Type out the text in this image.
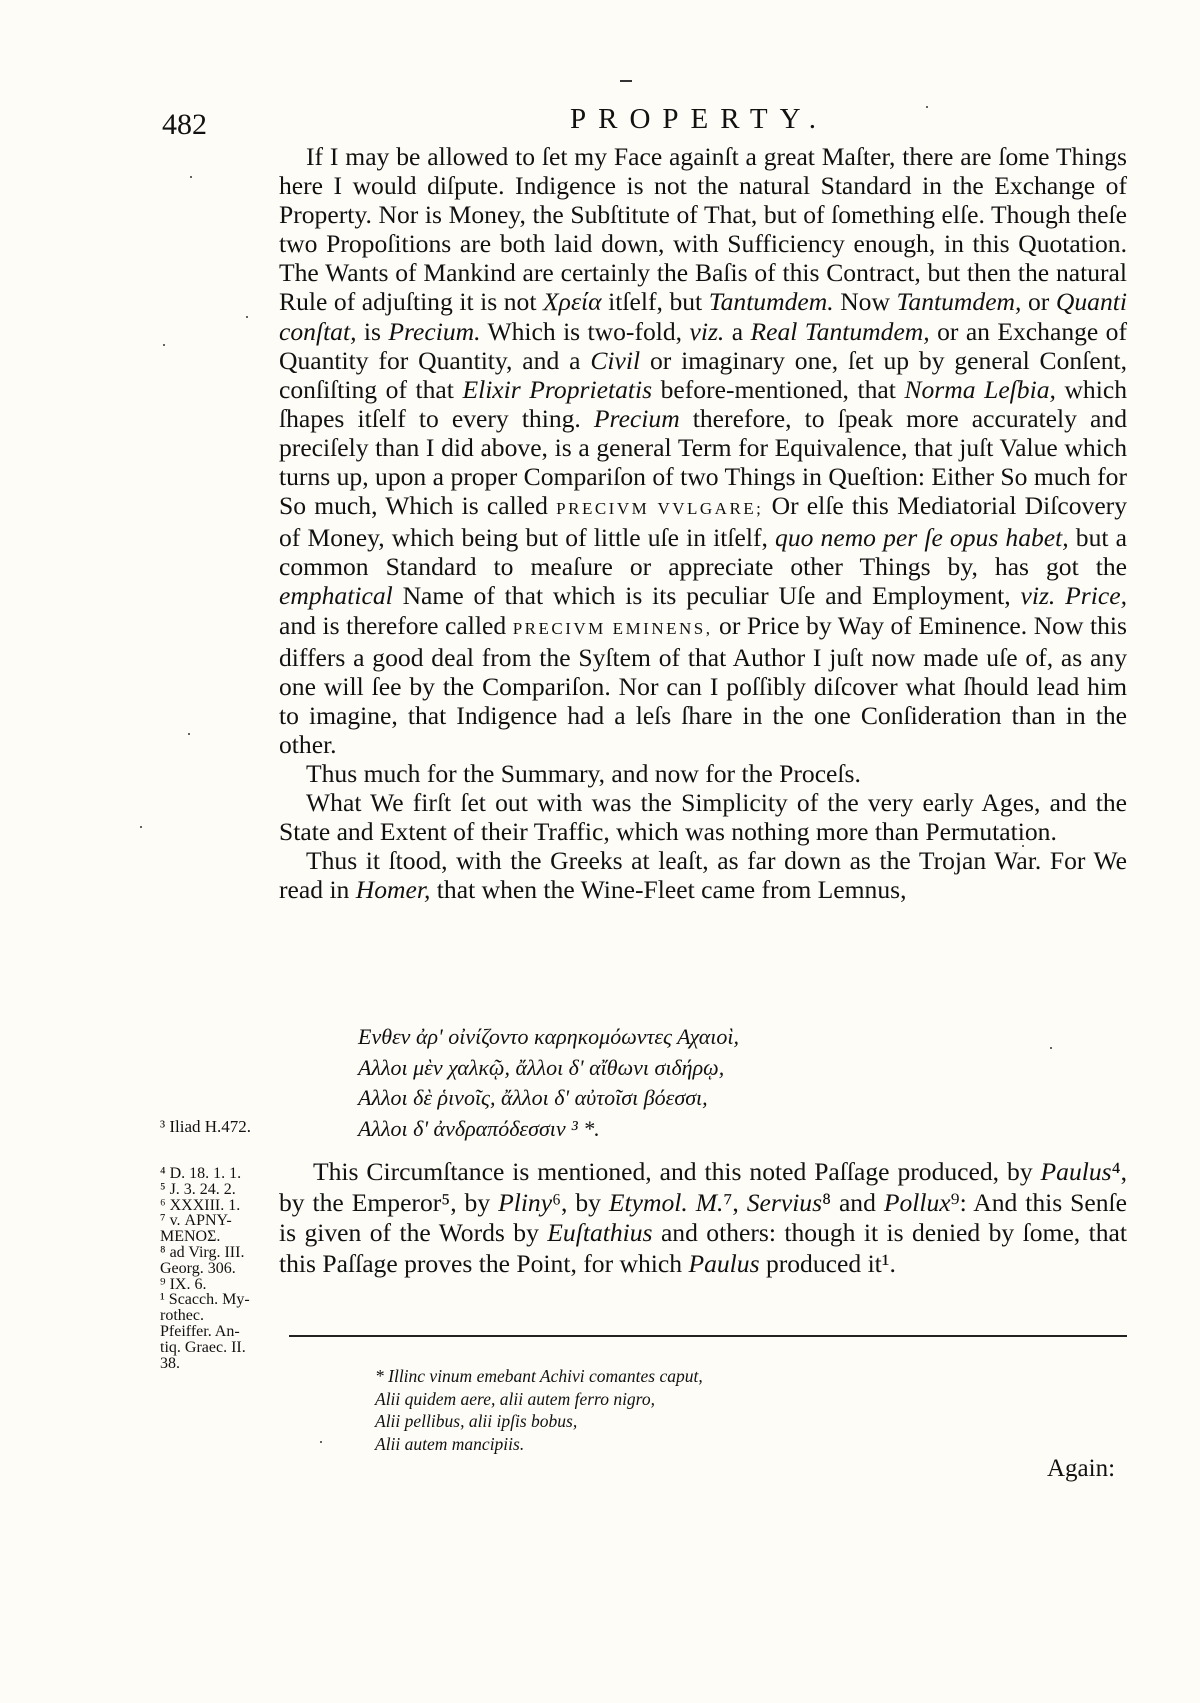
482	PROPERTY.

If I may be allowed to ſet my Face againſt a great Maſter, there are ſome Things here I would diſpute. Indigence is not the natural Standard in the Exchange of Property. Nor is Money, the Subſtitute of That, but of ſomething elſe. Though theſe two Propoſitions are both laid down, with Sufficiency enough, in this Quotation. The Wants of Mankind are certainly the Baſis of this Contract, but then the natural Rule of adjuſting it is not Χρεία itſelf, but Tantumdem. Now Tantumdem, or Quanti conſtat, is Precium. Which is two-fold, viz. a Real Tantumdem, or an Exchange of Quantity for Quantity, and a Civil or imaginary one, ſet up by general Conſent, conſiſting of that Elixir Proprietatis before-mentioned, that Norma Leſbia, which ſhapes itſelf to every thing. Precium therefore, to ſpeak more accurately and preciſely than I did above, is a general Term for Equivalence, that juſt Value which turns up, upon a proper Compariſon of two Things in Queſtion: Either So much for So much, Which is called PRECIVM VVLGARE; Or elſe this Mediatorial Diſcovery of Money, which being but of little uſe in itſelf, quo nemo per ſe opus habet, but a common Standard to meaſure or appreciate other Things by, has got the emphatical Name of that which is its peculiar Uſe and Employment, viz. Price, and is therefore called PRECIVM EMINENS, or Price by Way of Eminence. Now this differs a good deal from the Syſtem of that Author I juſt now made uſe of, as any one will ſee by the Compariſon. Nor can I poſſibly diſcover what ſhould lead him to imagine, that Indigence had a leſs ſhare in the one Conſideration than in the other.

Thus much for the Summary, and now for the Proceſs.

What We firſt ſet out with was the Simplicity of the very early Ages, and the State and Extent of their Traffic, which was nothing more than Permutation.

Thus it ſtood, with the Greeks at leaſt, as far down as the Trojan War. For We read in Homer, that when the Wine-Fleet came from Lemnus,

Ενθεν ἀρ' οἰνίζοντο καρηκομόωντες Αχαιοὶ,
Αλλοι μὲν χαλκῷ, ἄλλοι δ' αἴθωνι σιδήρῳ,
Αλλοι δὲ ῥινοῖς, ἄλλοι δ' αὐτοῖσι βόεσσι,
Αλλοι δ' ἀνδραπόδεσσιν ³ *.
³ Iliad H.472.

This Circumſtance is mentioned, and this noted Paſſage produced, by Paulus⁴, by the Emperor⁵, by Pliny⁶, by Etymol. M.⁷, Servius⁸ and Pollux⁹: And this Senſe is given of the Words by Euſtathius and others: though it is denied by ſome, that this Paſſage proves the Point, for which Paulus produced it¹.

⁴ D. 18. 1. 1.
⁵ J. 3. 24. 2.
⁶ XXXIII. 1.
⁷ v. ΑΡΝΥ-
ΜΕΝΟΣ.
⁸ ad Virg. III.
Georg. 306.
⁹ IX. 6.
¹ Scacch. My-
rothec.
Pfeiffer. An-
tiq. Graec. II.
38.
* Illinc vinum emebant Achivi comantes caput,
Alii quidem aere, alii autem ferro nigro,
Alii pellibus, alii ipſis bobus,
Alii autem mancipiis.
Again:
